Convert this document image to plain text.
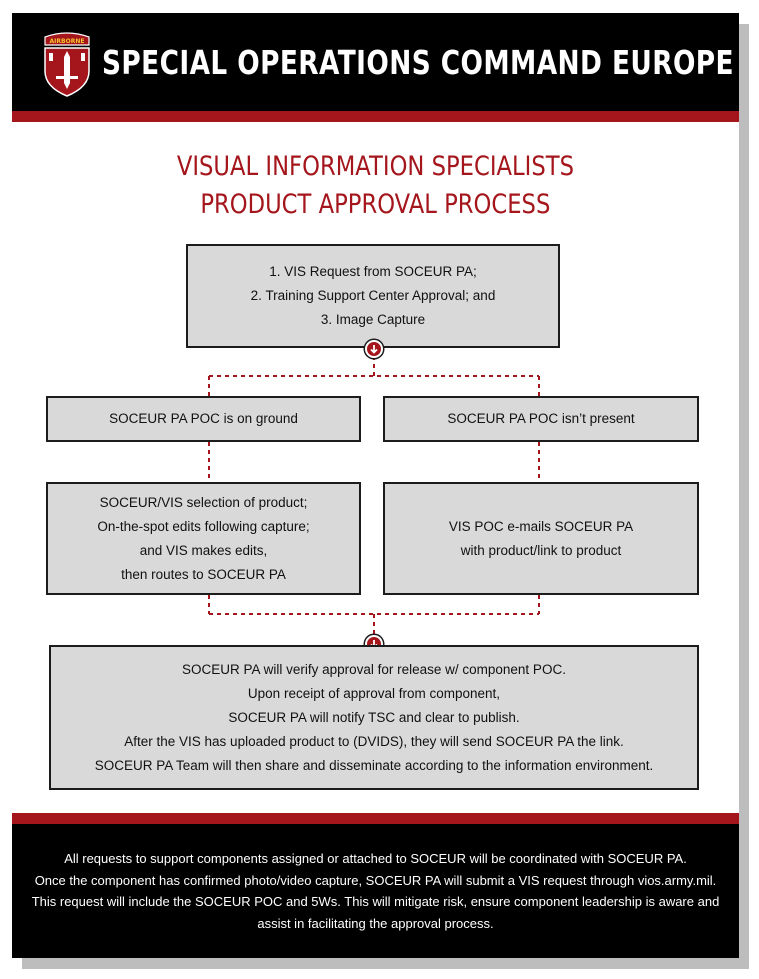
AIRBORNE
SPECIAL OPERATIONS COMMAND EUROPE
VISUAL INFORMATION SPECIALISTS
PRODUCT APPROVAL PROCESS
1. VIS Request from SOCEUR PA;
2. Training Support Center Approval; and
3. Image Capture
SOCEUR PA POC is on ground	SOCEUR PA POC isn’t present
SOCEUR/VIS selection of product;
On-the-spot edits following capture;
and VIS makes edits,
then routes to SOCEUR PA
VIS POC e-mails SOCEUR PA
with product/link to product
SOCEUR PA will verify approval for release w/ component POC.
Upon receipt of approval from component,
SOCEUR PA will notify TSC and clear to publish.
After the VIS has uploaded product to (DVIDS), they will send SOCEUR PA the link.
SOCEUR PA Team will then share and disseminate according to the information environment.
All requests to support components assigned or attached to SOCEUR will be coordinated with SOCEUR PA.
Once the component has confirmed photo/video capture, SOCEUR PA will submit a VIS request through vios.army.mil.
This request will include the SOCEUR POC and 5Ws. This will mitigate risk, ensure component leadership is aware and
assist in facilitating the approval process.
